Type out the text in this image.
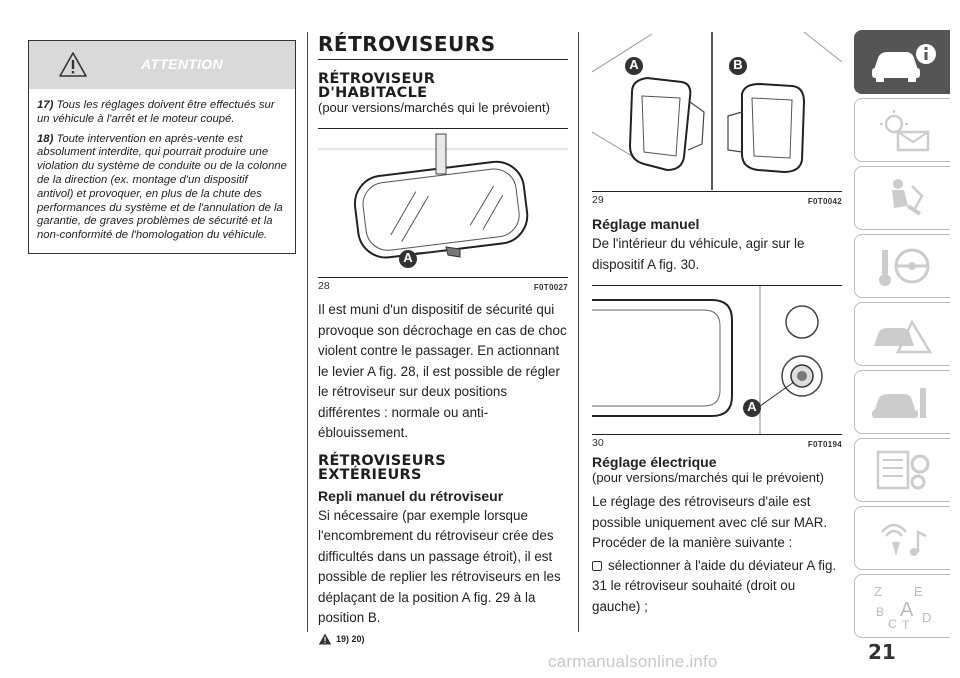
ATTENTION

17) Tous les réglages doivent être effectués sur un véhicule à l'arrêt et le moteur coupé.

18) Toute intervention en après-vente est absolument interdite, qui pourrait produire une violation du système de conduite ou de la colonne de la direction (ex. montage d'un dispositif antivol) et provoquer, en plus de la chute des performances du système et de l'annulation de la garantie, de graves problèmes de sécurité et la non-conformité de l'homologation du véhicule.

RÉTROVISEURS
RÉTROVISEUR
D'HABITACLE
(pour versions/marchés qui le prévoient)
A
28	F0T0027
Il est muni d'un dispositif de sécurité qui provoque son décrochage en cas de choc violent contre le passager. En actionnant le levier A fig. 28, il est possible de régler le rétroviseur sur deux positions différentes : normale ou anti-éblouissement.
RÉTROVISEURS
EXTÉRIEURS
Repli manuel du rétroviseur
Si nécessaire (par exemple lorsque l'encombrement du rétroviseur crée des difficultés dans un passage étroit), il est possible de replier les rétroviseurs en les déplaçant de la position A fig. 29 à la position B.
19) 20)
A	B
29	F0T0042
Réglage manuel
De l'intérieur du véhicule, agir sur le dispositif A fig. 30.
A
30	F0T0194
Réglage électrique
(pour versions/marchés qui le prévoient)
Le réglage des rétroviseurs d'aile est possible uniquement avec clé sur MAR. Procéder de la manière suivante :
sélectionner à l'aide du déviateur A fig. 31 le rétroviseur souhaité (droit ou gauche) ;
Z E
B A
C T D
21
carmanualsonline.info
